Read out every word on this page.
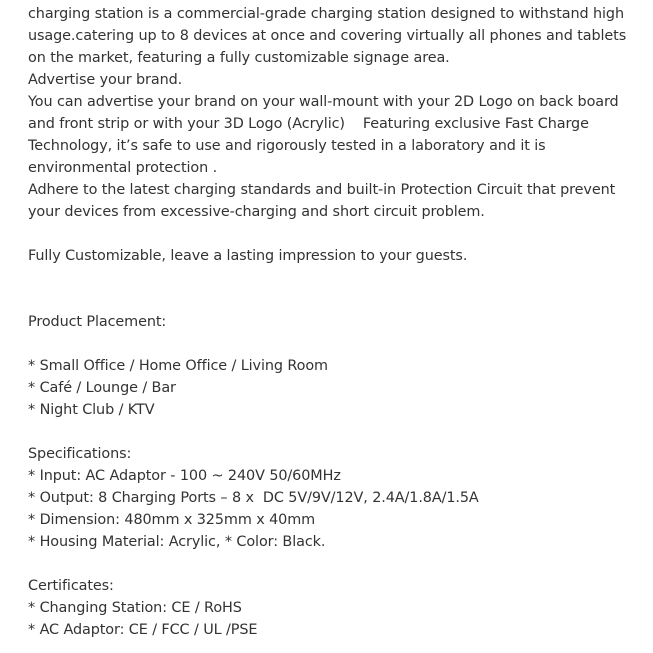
charging station is a commercial-grade charging station designed to withstand high
usage.catering up to 8 devices at once and covering virtually all phones and tablets
on the market, featuring a fully customizable signage area.
Advertise your brand.
You can advertise your brand on your wall-mount with your 2D Logo on back board
and front strip or with your 3D Logo (Acrylic)    Featuring exclusive Fast Charge
Technology, it’s safe to use and rigorously tested in a laboratory and it is
environmental protection .
Adhere to the latest charging standards and built-in Protection Circuit that prevent
your devices from excessive-charging and short circuit problem.
Fully Customizable, leave a lasting impression to your guests.
Product Placement:
* Small Office / Home Office / Living Room
* Café / Lounge / Bar
* Night Club / KTV
Specifications:
* Input: AC Adaptor - 100 ~ 240V 50/60MHz
* Output: 8 Charging Ports – 8 x  DC 5V/9V/12V, 2.4A/1.8A/1.5A
* Dimension: 480mm x 325mm x 40mm
* Housing Material: Acrylic, * Color: Black.
Certificates:
* Changing Station: CE / RoHS
* AC Adaptor: CE / FCC / UL /PSE
